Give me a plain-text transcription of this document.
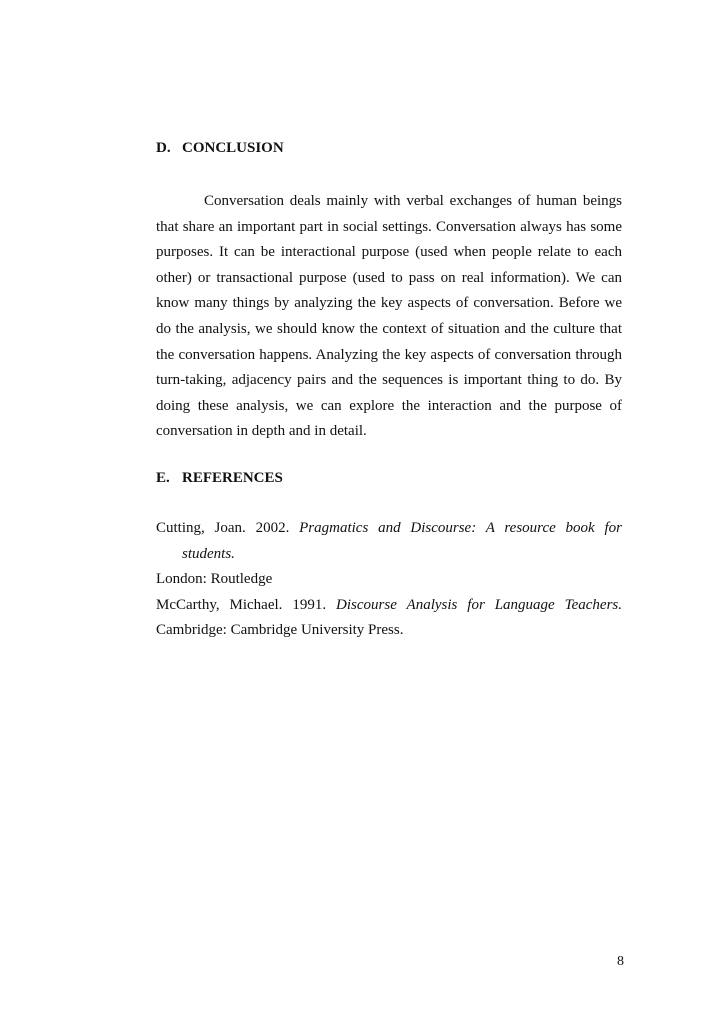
D. CONCLUSION

Conversation deals mainly with verbal exchanges of human beings that share an important part in social settings. Conversation always has some purposes. It can be interactional purpose (used when people relate to each other) or transactional purpose (used to pass on real information). We can know many things by analyzing the key aspects of conversation. Before we do the analysis, we should know the context of situation and the culture that the conversation happens. Analyzing the key aspects of conversation through turn-taking, adjacency pairs and the sequences is important thing to do. By doing these analysis, we can explore the interaction and the purpose of conversation in depth and in detail.

E. REFERENCES
Cutting, Joan. 2002. Pragmatics and Discourse: A resource book for students.
London: Routledge
McCarthy, Michael. 1991. Discourse Analysis for Language Teachers.
Cambridge: Cambridge University Press.
8
